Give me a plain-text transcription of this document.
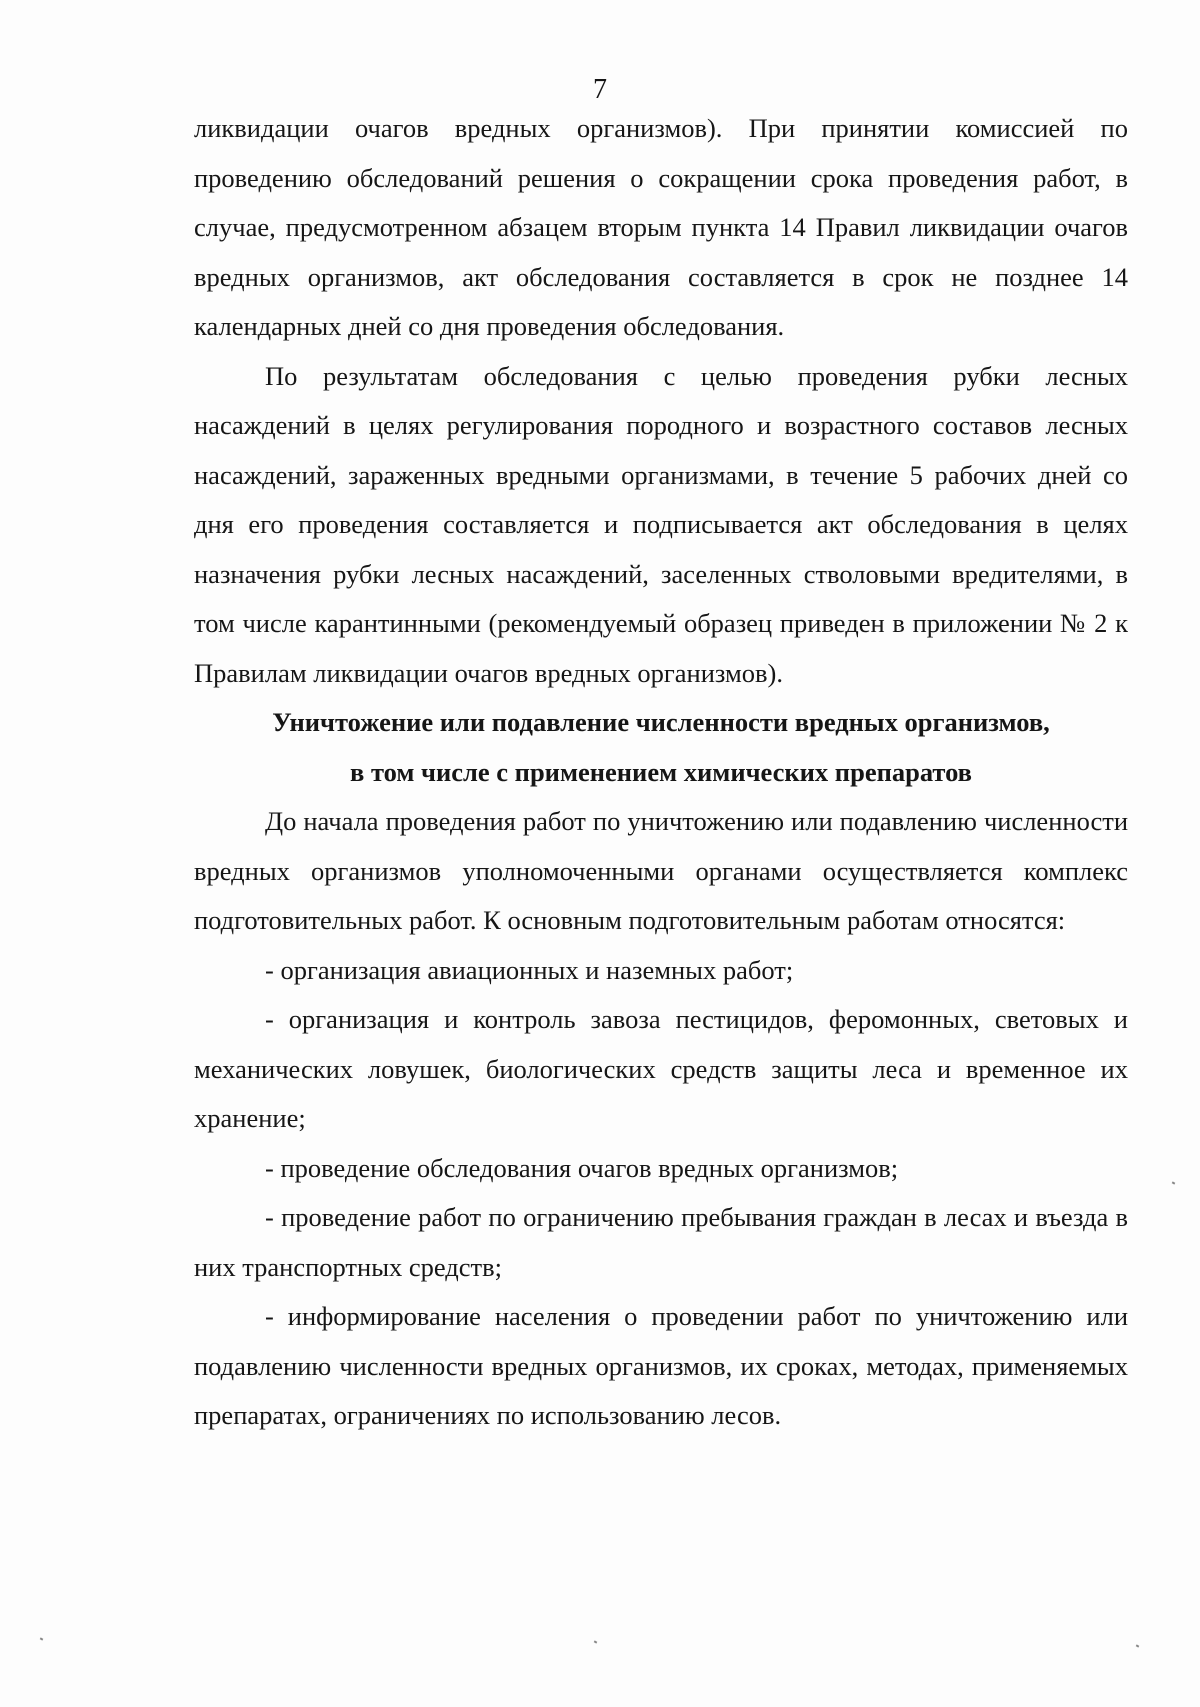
7

ликвидации очагов вредных организмов). При принятии комиссией по проведению обследований решения о сокращении срока проведения работ, в случае, предусмотренном абзацем вторым пункта 14 Правил ликвидации очагов вредных организмов, акт обследования составляется в срок не позднее 14 календарных дней со дня проведения обследования.

По результатам обследования с целью проведения рубки лесных насаждений в целях регулирования породного и возрастного составов лесных насаждений, зараженных вредными организмами, в течение 5 рабочих дней со дня его проведения составляется и подписывается акт обследования в целях назначения рубки лесных насаждений, заселенных стволовыми вредителями, в том числе карантинными (рекомендуемый образец приведен в приложении № 2 к Правилам ликвидации очагов вредных организмов).

Уничтожение или подавление численности вредных организмов,

в том числе с применением химических препаратов

До начала проведения работ по уничтожению или подавлению численности вредных организмов уполномоченными органами осуществляется комплекс подготовительных работ. К основным подготовительным работам относятся:

- организация авиационных и наземных работ;

- организация и контроль завоза пестицидов, феромонных, световых и механических ловушек, биологических средств защиты леса и временное их хранение;

- проведение обследования очагов вредных организмов;

- проведение работ по ограничению пребывания граждан в лесах и въезда в них транспортных средств;

- информирование населения о проведении работ по уничтожению или подавлению численности вредных организмов, их сроках, методах, применяемых препаратах, ограничениях по использованию лесов.
